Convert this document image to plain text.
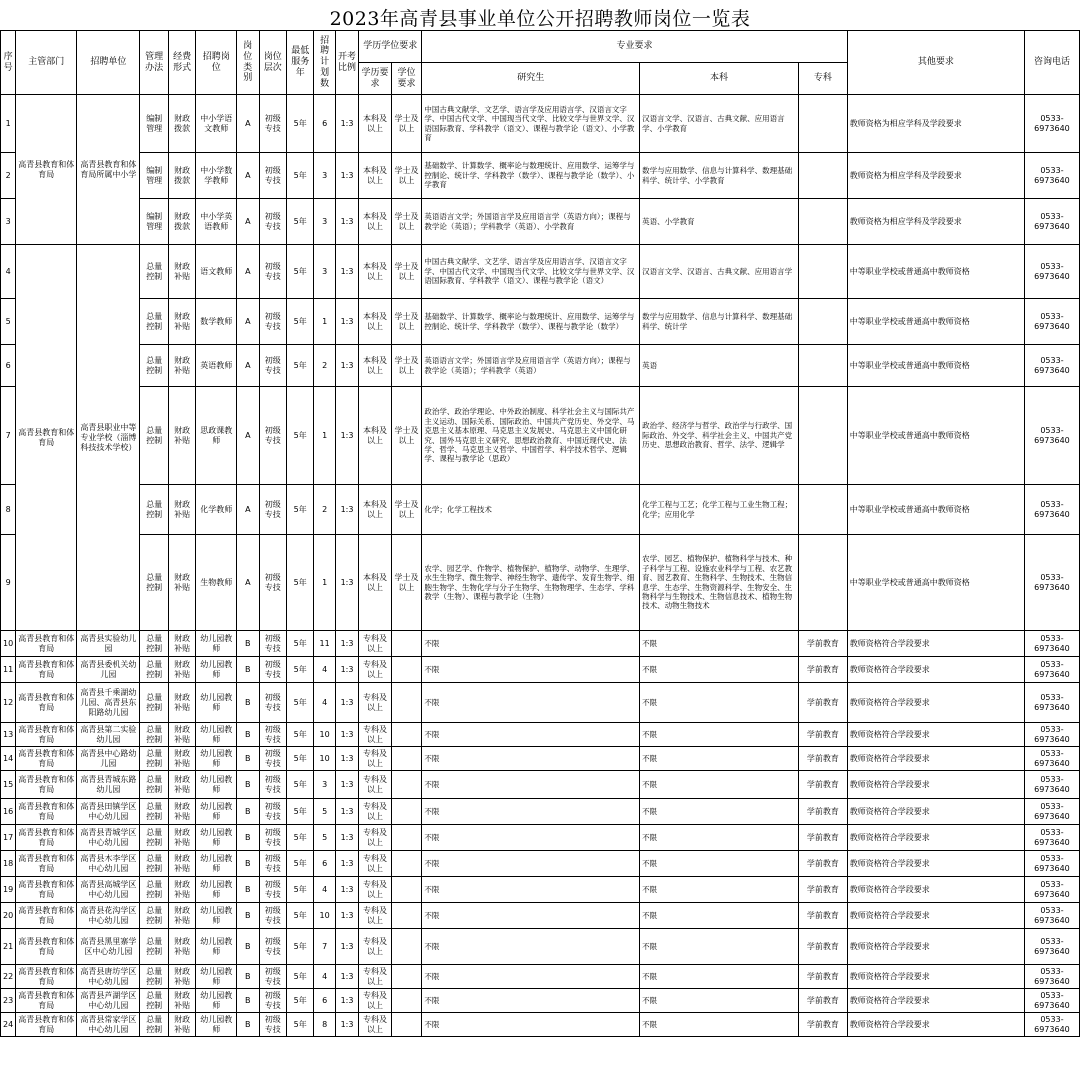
2023年高青县事业单位公开招聘教师岗位一览表
序号	主管部门	招聘单位	管理办法	经费形式	招聘岗位	岗位类别	岗位层次	最低服务年	招聘计划数	开考比例	学历学位要求		专业要求			其他要求	咨询电话
											学历要求	学位要求	研究生	本科	专科		
1	高青县教育和体育局	高青县教育和体育局所属中小学	编制管理	财政拨款	中小学语文教师	A	初级专技	5年	6	1:3	本科及以上	学士及以上	中国古典文献学、文艺学、语言学及应用语言学、汉语言文字学、中国古代文学、中国现当代文学、比较文学与世界文学、汉语国际教育、学科教学（语文）、课程与教学论（语文）、小学教育	汉语言文学、汉语言、古典文献、应用语言学、小学教育		教师资格为相应学科及学段要求	0533-6973640
2			编制管理	财政拨款	中小学数学教师	A	初级专技	5年	3	1:3	本科及以上	学士及以上	基础数学、计算数学、概率论与数理统计、应用数学、运筹学与控制论、统计学、学科教学（数学）、课程与教学论（数学）、小学教育	数学与应用数学、信息与计算科学、数理基础科学、统计学、小学教育		教师资格为相应学科及学段要求	0533-6973640
3			编制管理	财政拨款	中小学英语教师	A	初级专技	5年	3	1:3	本科及以上	学士及以上	英语语言文学；外国语言学及应用语言学（英语方向）；课程与教学论（英语）；学科教学（英语）、小学教育	英语、小学教育		教师资格为相应学科及学段要求	0533-6973640
4	高青县教育和体育局	高青县职业中等专业学校（淄博科技技术学校）	总量控制	财政补贴	语文教师	A	初级专技	5年	3	1:3	本科及以上	学士及以上	中国古典文献学、文艺学、语言学及应用语言学、汉语言文字学、中国古代文学、中国现当代文学、比较文学与世界文学、汉语国际教育、学科教学（语文）、课程与教学论（语文）	汉语言文学、汉语言、古典文献、应用语言学		中等职业学校或普通高中教师资格	0533-6973640
5			总量控制	财政补贴	数学教师	A	初级专技	5年	1	1:3	本科及以上	学士及以上	基础数学、计算数学、概率论与数理统计、应用数学、运筹学与控制论、统计学、学科教学（数学）、课程与教学论（数学）	数学与应用数学、信息与计算科学、数理基础科学、统计学		中等职业学校或普通高中教师资格	0533-6973640
6			总量控制	财政补贴	英语教师	A	初级专技	5年	2	1:3	本科及以上	学士及以上	英语语言文学；外国语言学及应用语言学（英语方向）；课程与教学论（英语）；学科教学（英语）	英语		中等职业学校或普通高中教师资格	0533-6973640
7			总量控制	财政补贴	思政课教师	A	初级专技	5年	1	1:3	本科及以上	学士及以上	政治学、政治学理论、中外政治制度、科学社会主义与国际共产主义运动、国际关系、国际政治、中国共产党历史、外交学、马克思主义基本原理、马克思主义发展史、马克思主义中国化研究、国外马克思主义研究、思想政治教育、中国近现代史、法学、哲学、马克思主义哲学、中国哲学、科学技术哲学、逻辑学、课程与教学论（思政）	政治学、经济学与哲学、政治学与行政学、国际政治、外交学、科学社会主义、中国共产党历史、思想政治教育、哲学、法学、逻辑学		中等职业学校或普通高中教师资格	0533-6973640
8			总量控制	财政补贴	化学教师	A	初级专技	5年	2	1:3	本科及以上	学士及以上	化学；化学工程技术	化学工程与工艺；化学工程与工业生物工程；化学；应用化学		中等职业学校或普通高中教师资格	0533-6973640
9			总量控制	财政补贴	生物教师	A	初级专技	5年	1	1:3	本科及以上	学士及以上	农学、园艺学、作物学、植物保护、植物学、动物学、生理学、水生生物学、微生物学、神经生物学、遗传学、发育生物学、细胞生物学、生物化学与分子生物学、生物物理学、生态学、学科教学（生物）、课程与教学论（生物）	农学、园艺、植物保护、植物科学与技术、种子科学与工程、设施农业科学与工程、农艺教育、园艺教育、生物科学、生物技术、生物信息学、生态学、生物资源科学、生物安全、生物科学与生物技术、生物信息技术、植物生物技术、动物生物技术		中等职业学校或普通高中教师资格	0533-6973640
10	高青县教育和体育局	高青县实验幼儿园	总量控制	财政补贴	幼儿园教师	B	初级专技	5年	11	1:3	专科及以上		不限	不限	学前教育	教师资格符合学段要求	0533-6973640
11	高青县教育和体育局	高青县委机关幼儿园	总量控制	财政补贴	幼儿园教师	B	初级专技	5年	4	1:3	专科及以上		不限	不限	学前教育	教师资格符合学段要求	0533-6973640
12	高青县教育和体育局	高青县千乘湖幼儿园、高青县东阳路幼儿园	总量控制	财政补贴	幼儿园教师	B	初级专技	5年	4	1:3	专科及以上		不限	不限	学前教育	教师资格符合学段要求	0533-6973640
13	高青县教育和体育局	高青县第二实验幼儿园	总量控制	财政补贴	幼儿园教师	B	初级专技	5年	10	1:3	专科及以上		不限	不限	学前教育	教师资格符合学段要求	0533-6973640
14	高青县教育和体育局	高青县中心路幼儿园	总量控制	财政补贴	幼儿园教师	B	初级专技	5年	10	1:3	专科及以上		不限	不限	学前教育	教师资格符合学段要求	0533-6973640
15	高青县教育和体育局	高青县青城东路幼儿园	总量控制	财政补贴	幼儿园教师	B	初级专技	5年	3	1:3	专科及以上		不限	不限	学前教育	教师资格符合学段要求	0533-6973640
16	高青县教育和体育局	高青县田镇学区中心幼儿园	总量控制	财政补贴	幼儿园教师	B	初级专技	5年	5	1:3	专科及以上		不限	不限	学前教育	教师资格符合学段要求	0533-6973640
17	高青县教育和体育局	高青县青城学区中心幼儿园	总量控制	财政补贴	幼儿园教师	B	初级专技	5年	5	1:3	专科及以上		不限	不限	学前教育	教师资格符合学段要求	0533-6973640
18	高青县教育和体育局	高青县木李学区中心幼儿园	总量控制	财政补贴	幼儿园教师	B	初级专技	5年	6	1:3	专科及以上		不限	不限	学前教育	教师资格符合学段要求	0533-6973640
19	高青县教育和体育局	高青县高城学区中心幼儿园	总量控制	财政补贴	幼儿园教师	B	初级专技	5年	4	1:3	专科及以上		不限	不限	学前教育	教师资格符合学段要求	0533-6973640
20	高青县教育和体育局	高青县花沟学区中心幼儿园	总量控制	财政补贴	幼儿园教师	B	初级专技	5年	10	1:3	专科及以上		不限	不限	学前教育	教师资格符合学段要求	0533-6973640
21	高青县教育和体育局	高青县黑里寨学区中心幼儿园	总量控制	财政补贴	幼儿园教师	B	初级专技	5年	7	1:3	专科及以上		不限	不限	学前教育	教师资格符合学段要求	0533-6973640
22	高青县教育和体育局	高青县唐坊学区中心幼儿园	总量控制	财政补贴	幼儿园教师	B	初级专技	5年	4	1:3	专科及以上		不限	不限	学前教育	教师资格符合学段要求	0533-6973640
23	高青县教育和体育局	高青县芦湖学区中心幼儿园	总量控制	财政补贴	幼儿园教师	B	初级专技	5年	6	1:3	专科及以上		不限	不限	学前教育	教师资格符合学段要求	0533-6973640
24	高青县教育和体育局	高青县常家学区中心幼儿园	总量控制	财政补贴	幼儿园教师	B	初级专技	5年	8	1:3	专科及以上		不限	不限	学前教育	教师资格符合学段要求	0533-6973640
